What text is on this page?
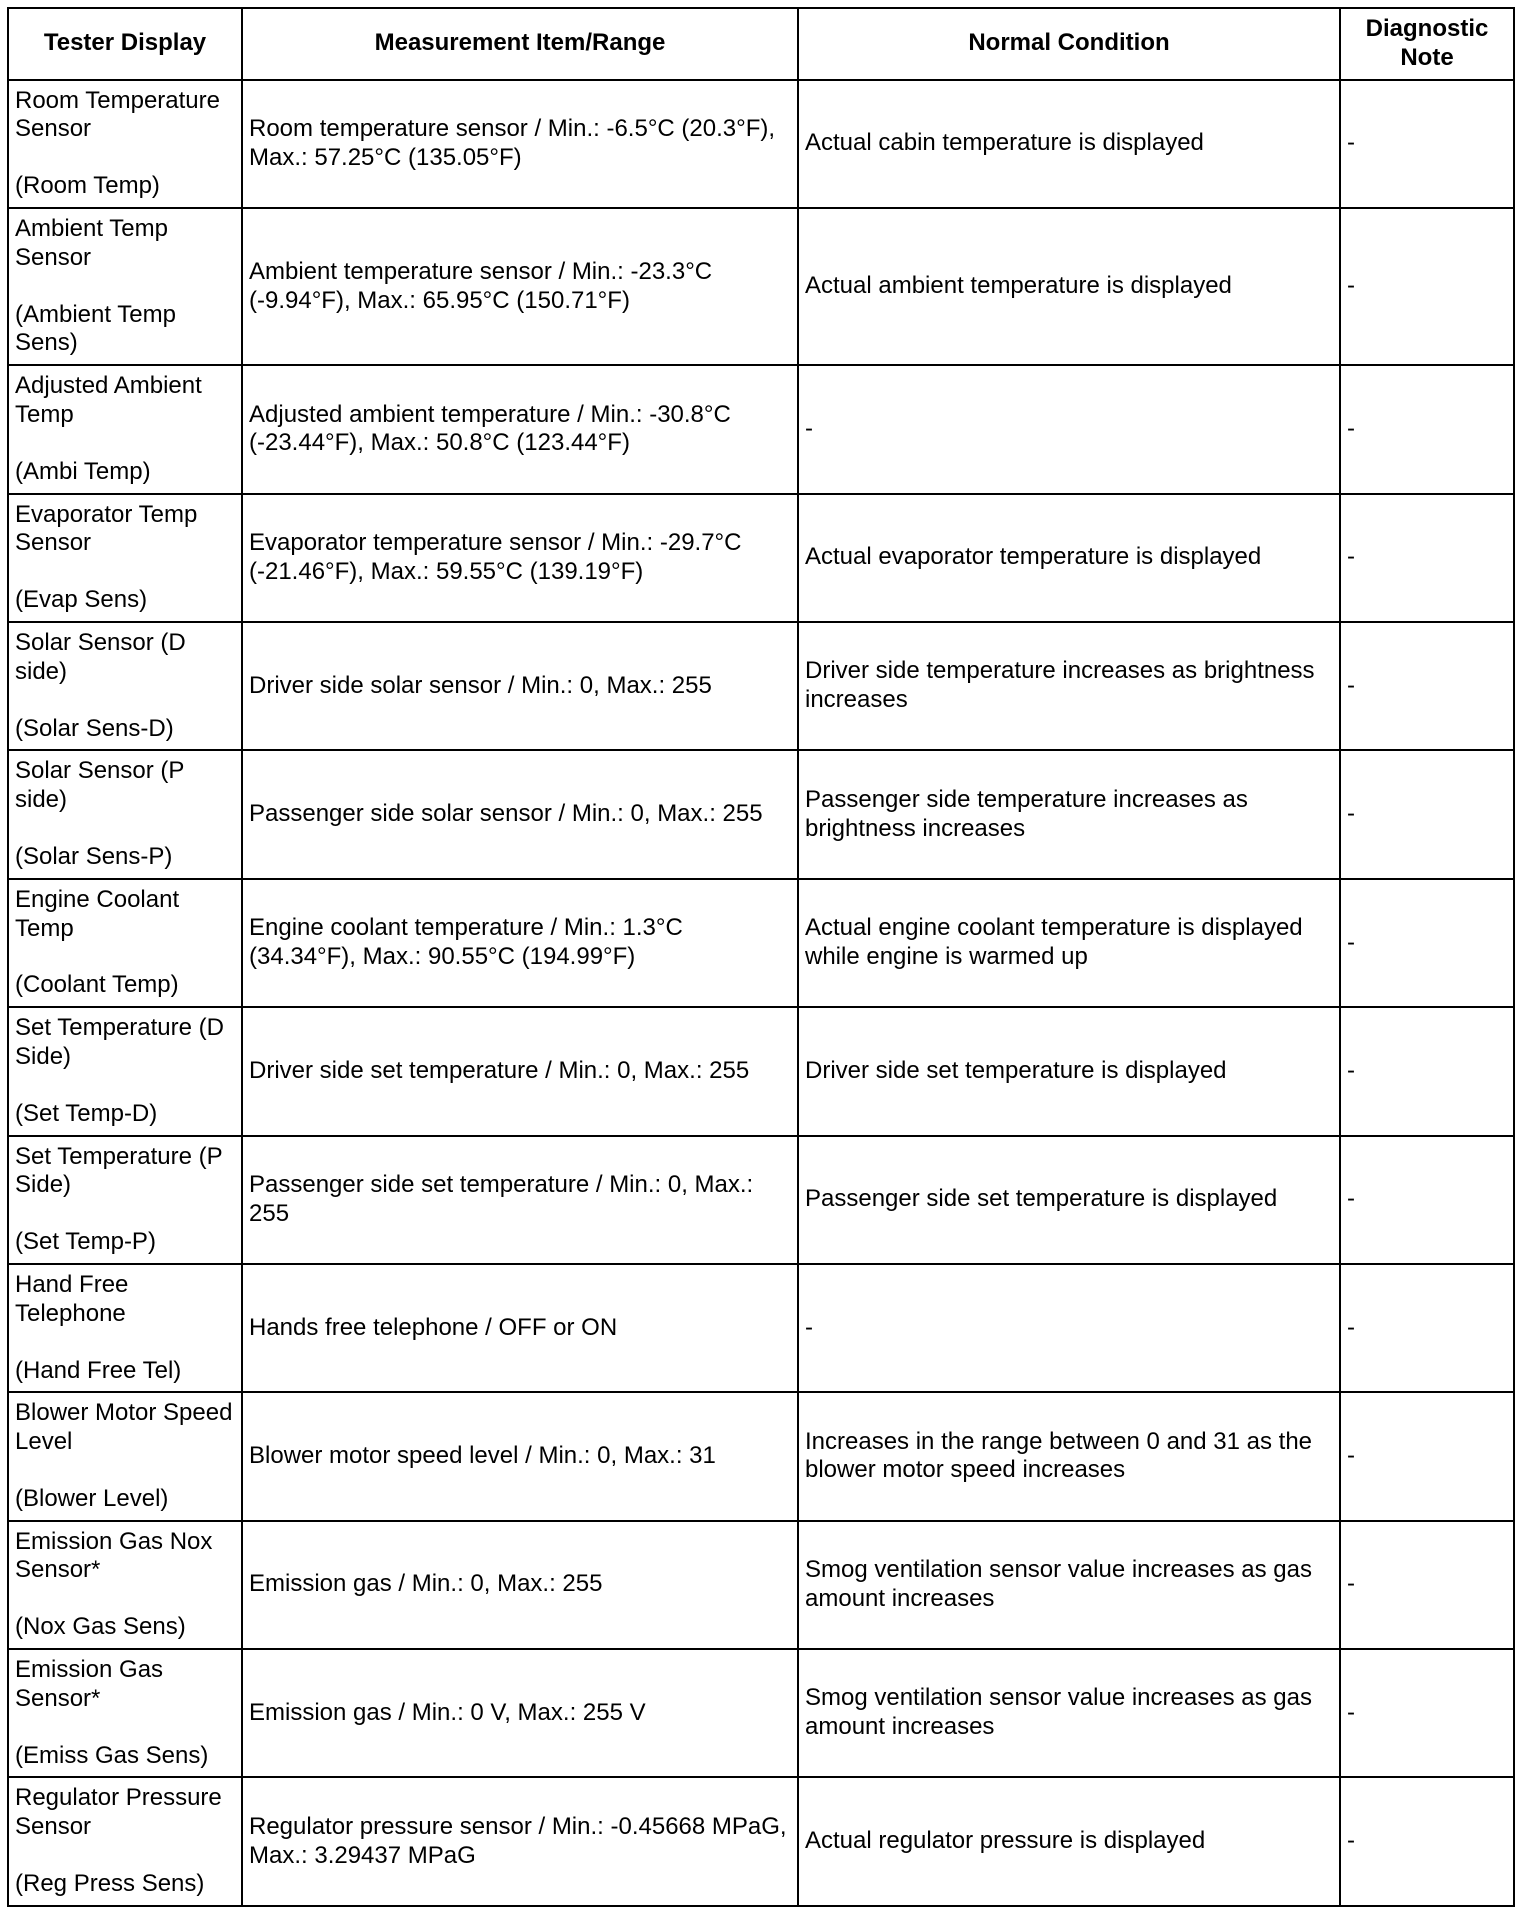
Tester Display	Measurement Item/Range	Normal Condition	Diagnostic Note

Room Temperature Sensor
(Room Temp)	Room temperature sensor / Min.: -6.5°C (20.3°F), Max.: 57.25°C (135.05°F)	Actual cabin temperature is displayed	-

Ambient Temp Sensor
(Ambient Temp Sens)	Ambient temperature sensor / Min.: -23.3°C (-9.94°F), Max.: 65.95°C (150.71°F)	Actual ambient temperature is displayed	-

Adjusted Ambient Temp
(Ambi Temp)	Adjusted ambient temperature / Min.: -30.8°C (-23.44°F), Max.: 50.8°C (123.44°F)	-	-

Evaporator Temp Sensor
(Evap Sens)	Evaporator temperature sensor / Min.: -29.7°C (-21.46°F), Max.: 59.55°C (139.19°F)	Actual evaporator temperature is displayed	-

Solar Sensor (D side)
(Solar Sens-D)	Driver side solar sensor / Min.: 0, Max.: 255	Driver side temperature increases as brightness increases	-

Solar Sensor (P side)
(Solar Sens-P)	Passenger side solar sensor / Min.: 0, Max.: 255	Passenger side temperature increases as brightness increases	-

Engine Coolant Temp
(Coolant Temp)	Engine coolant temperature / Min.: 1.3°C (34.34°F), Max.: 90.55°C (194.99°F)	Actual engine coolant temperature is displayed while engine is warmed up	-

Set Temperature (D Side)
(Set Temp-D)	Driver side set temperature / Min.: 0, Max.: 255	Driver side set temperature is displayed	-

Set Temperature (P Side)
(Set Temp-P)	Passenger side set temperature / Min.: 0, Max.: 255	Passenger side set temperature is displayed	-

Hand Free Telephone
(Hand Free Tel)	Hands free telephone / OFF or ON	-	-

Blower Motor Speed Level
(Blower Level)	Blower motor speed level / Min.: 0, Max.: 31	Increases in the range between 0 and 31 as the blower motor speed increases	-

Emission Gas Nox Sensor*
(Nox Gas Sens)	Emission gas / Min.: 0, Max.: 255	Smog ventilation sensor value increases as gas amount increases	-

Emission Gas Sensor*
(Emiss Gas Sens)	Emission gas / Min.: 0 V, Max.: 255 V	Smog ventilation sensor value increases as gas amount increases	-

Regulator Pressure Sensor
(Reg Press Sens)	Regulator pressure sensor / Min.: -0.45668 MPaG, Max.: 3.29437 MPaG	Actual regulator pressure is displayed	-
